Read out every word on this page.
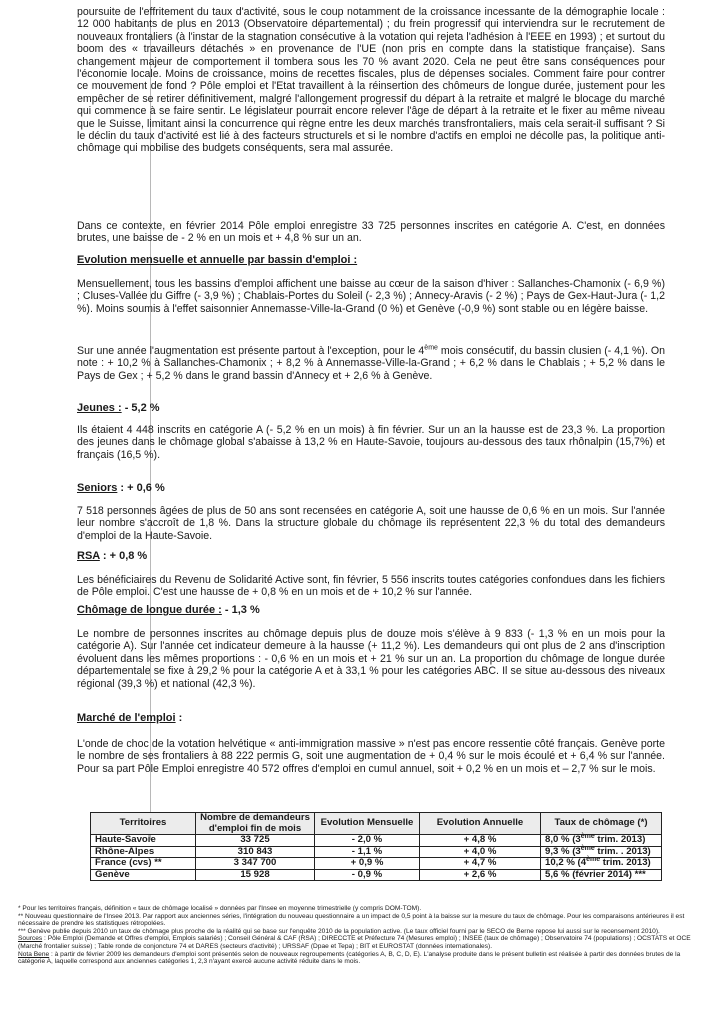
poursuite de l'effritement du taux d'activité, sous le coup notamment de la croissance incessante de la démographie locale : 12 000 habitants de plus en 2013 (Observatoire départemental) ; du frein progressif qui interviendra sur le recrutement de nouveaux frontaliers (à l'instar de la stagnation consécutive à la votation qui rejeta l'adhésion à l'EEE en 1993) ; et surtout du boom des « travailleurs détachés » en provenance de l'UE (non pris en compte dans la statistique française). Sans changement majeur de comportement il tombera sous les 70 % avant 2020. Cela ne peut être sans conséquences pour l'économie locale. Moins de croissance, moins de recettes fiscales, plus de dépenses sociales. Comment faire pour contrer ce mouvement de fond ? Pôle emploi et l'Etat travaillent à la réinsertion des chômeurs de longue durée, justement pour les empêcher de se retirer définitivement, malgré l'allongement progressif du départ à la retraite et malgré le blocage du marché qui commence à se faire sentir. Le législateur pourrait encore relever l'âge de départ à la retraite et le fixer au même niveau que le Suisse, limitant ainsi la concurrence qui règne entre les deux marchés transfrontaliers, mais cela serait-il suffisant ? Si le déclin du taux d'activité est lié à des facteurs structurels et si le nombre d'actifs en emploi ne décolle pas, la politique anti-chômage qui mobilise des budgets conséquents, sera mal assurée.

Dans ce contexte, en février 2014 Pôle emploi enregistre 33 725 personnes inscrites en catégorie A. C'est, en données brutes, une baisse de - 2 % en un mois et + 4,8 % sur un an.

Evolution mensuelle et annuelle par bassin d'emploi :

Mensuellement, tous les bassins d'emploi affichent une baisse au cœur de la saison d'hiver : Sallanches-Chamonix (- 6,9 %) ; Cluses-Vallée du Giffre (- 3,9 %) ; Chablais-Portes du Soleil (- 2,3 %) ; Annecy-Aravis (- 2 %) ; Pays de Gex-Haut-Jura (- 1,2 %). Moins soumis à l'effet saisonnier Annemasse-Ville-la-Grand (0 %) et Genève (-0,9 %) sont stable ou en légère baisse.

Sur une année l'augmentation est présente partout à l'exception, pour le 4ème mois consécutif, du bassin clusien (- 4,1 %). On note : + 10,2 % à Sallanches-Chamonix ; + 8,2 % à Annemasse-Ville-la-Grand ; + 6,2 % dans le Chablais ; + 5,2 % dans le Pays de Gex ; + 5,2 % dans le grand bassin d'Annecy et + 2,6 % à Genève.

Jeunes : - 5,2 %

Ils étaient 4 448 inscrits en catégorie A (- 5,2 % en un mois) à fin février. Sur un an la hausse est de 23,3 %. La proportion des jeunes dans le chômage global s'abaisse à 13,2 % en Haute-Savoie, toujours au-dessous des taux rhônalpin (15,7%) et français (16,5 %).

Seniors : + 0,6 %

7 518 personnes âgées de plus de 50 ans sont recensées en catégorie A, soit une hausse de 0,6 % en un mois. Sur l'année leur nombre s'accroît de 1,8 %. Dans la structure globale du chômage ils représentent 22,3 % du total des demandeurs d'emploi de la Haute-Savoie.

RSA : + 0,8 %

Les bénéficiaires du Revenu de Solidarité Active sont, fin février, 5 556 inscrits toutes catégories confondues dans les fichiers de Pôle emploi. C'est une hausse de + 0,8 % en un mois et de + 10,2 % sur l'année.

Chômage de longue durée : - 1,3 %

Le nombre de personnes inscrites au chômage depuis plus de douze mois s'élève à 9 833 (- 1,3 % en un mois pour la catégorie A). Sur l'année cet indicateur demeure à la hausse (+ 11,2 %). Les demandeurs qui ont plus de 2 ans d'inscription évoluent dans les mêmes proportions : - 0,6 % en un mois et + 21 % sur un an. La proportion du chômage de longue durée départementale se fixe à 29,2 % pour la catégorie A et à 33,1 % pour les catégories ABC. Il se situe au-dessous des niveaux régional (39,3 %) et national (42,3 %).

Marché de l'emploi :

L'onde de choc de la votation helvétique « anti-immigration massive » n'est pas encore ressentie côté français. Genève porte le nombre de ses frontaliers à 88 222 permis G, soit une augmentation de + 0,4 % sur le mois écoulé et + 6,4 % sur l'année. Pour sa part Pôle Emploi enregistre 40 572 offres d'emploi en cumul annuel, soit + 0,2 % en un mois et – 2,7 % sur le mois.

Territoires	Nombre de demandeurs d'emploi fin de mois	Evolution Mensuelle	Evolution Annuelle	Taux de chômage (*)
Haute-Savoie	33 725	- 2,0 %	+ 4,8 %	8,0 % (3ème trim. 2013)
Rhône-Alpes	310 843	- 1,1 %	+ 4,0 %	9,3 % (3ème trim. . 2013)
France (cvs) **	3 347 700	+ 0,9 %	+ 4,7 %	10,2 % (4ème trim. 2013)
Genève	15 928	- 0,9 %	+ 2,6 %	5,6 % (février 2014) ***

* Pour les territoires français, définition « taux de chômage localisé » données par l'Insee en moyenne trimestrielle (y compris DOM-TOM).

** Nouveau questionnaire de l'Insee 2013. Par rapport aux anciennes séries, l'intégration du nouveau questionnaire a un impact de 0,5 point à la baisse sur la mesure du taux de chômage. Pour les comparaisons antérieures il est nécessaire de prendre les statistiques rétropolées.

*** Genève publie depuis 2010 un taux de chômage plus proche de la réalité qui se base sur l'enquête 2010 de la population active. (Le taux officiel fourni par le SECO de Berne repose lui aussi sur le recensement 2010).

Sources : Pôle Emploi (Demande et Offres d'emploi, Emplois salariés) ; Conseil Général & CAF (RSA) ; DIRECCTE et Préfecture 74 (Mesures emploi) ; INSEE (taux de chômage) ; Observatoire 74 (populations) ; OCSTATS et OCE (Marché frontalier suisse) ; Table ronde de conjoncture 74 et DARES (secteurs d'activité) ; URSSAF (Dpae et Tepa) ; BIT et EUROSTAT (données internationales).

Nota Bene : à partir de février 2009 les demandeurs d'emploi sont présentés selon de nouveaux regroupements (catégories A, B, C, D, E). L'analyse produite dans le présent bulletin est réalisée à partir des données brutes de la catégorie A, laquelle correspond aux anciennes catégories 1, 2,3 n'ayant exercé aucune activité réduite dans le mois.
